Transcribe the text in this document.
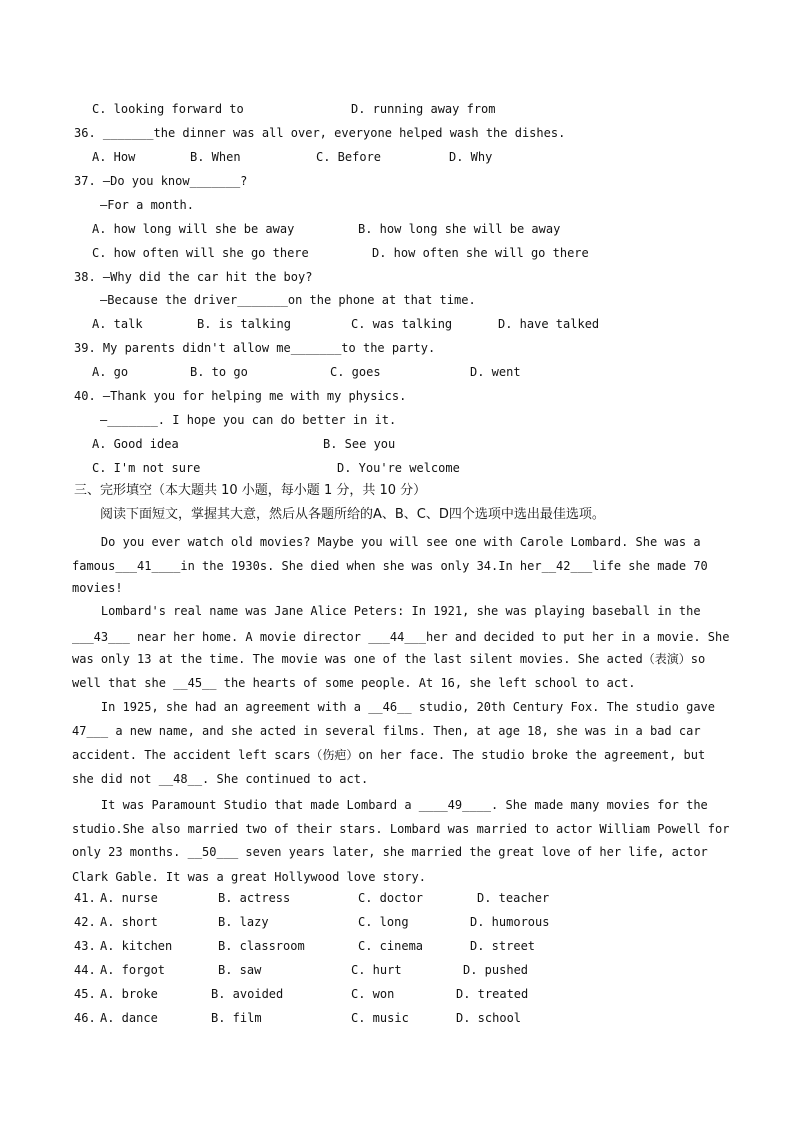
C. looking forward to	D. running away from
36. _______the dinner was all over, everyone helped wash the dishes.
A. How	B. When	C. Before	D. Why
37. —Do you know_______?
—For a month.
A. how long will she be away	B. how long she will be away
C. how often will she go there	D. how often she will go there
38. —Why did the car hit the boy?
—Because the driver_______on the phone at that time.
A. talk	B. is talking	C. was talking	D. have talked
39. My parents didn't allow me_______to the party.
A. go	B. to go	C. goes	D. went
40. —Thank you for helping me with my physics.
—_______. I hope you can do better in it.
A. Good idea	B. See you
C. I'm not sure	D. You're welcome
三、完形填空（本大题共 10 小题，每小题 1 分，共 10 分）
阅读下面短文，掌握其大意，然后从各题所给的A、B、C、D四个选项中选出最佳选项。
Do you ever watch old movies? Maybe you will see one with Carole Lombard. She was a
famous___41____in the 1930s. She died when she was only 34.In her__42___life she made 70
movies!
Lombard's real name was Jane Alice Peters: In 1921, she was playing baseball in the
___43___ near her home. A movie director ___44___her and decided to put her in a movie. She
was only 13 at the time. The movie was one of the last silent movies. She acted（表演）so
well that she __45__ the hearts of some people. At 16, she left school to act.
In 1925, she had an agreement with a __46__ studio, 20th Century Fox. The studio gave
47___ a new name, and she acted in several films. Then, at age 18, she was in a bad car
accident. The accident left scars（伤疤）on her face. The studio broke the agreement, but
she did not __48__. She continued to act.
It was Paramount Studio that made Lombard a ____49____. She made many movies for the
studio.She also married two of their stars. Lombard was married to actor William Powell for
only 23 months. __50___ seven years later, she married the great love of her life, actor
Clark Gable. It was a great Hollywood love story.
41. A. nurse	B. actress	C. doctor	D. teacher
42. A. short	B. lazy	C. long	D. humorous
43. A. kitchen	B. classroom	C. cinema	D. street
44. A. forgot	B. saw	C. hurt	D. pushed
45. A. broke	B. avoided	C. won	D. treated
46. A. dance	B. film	C. music	D. school
